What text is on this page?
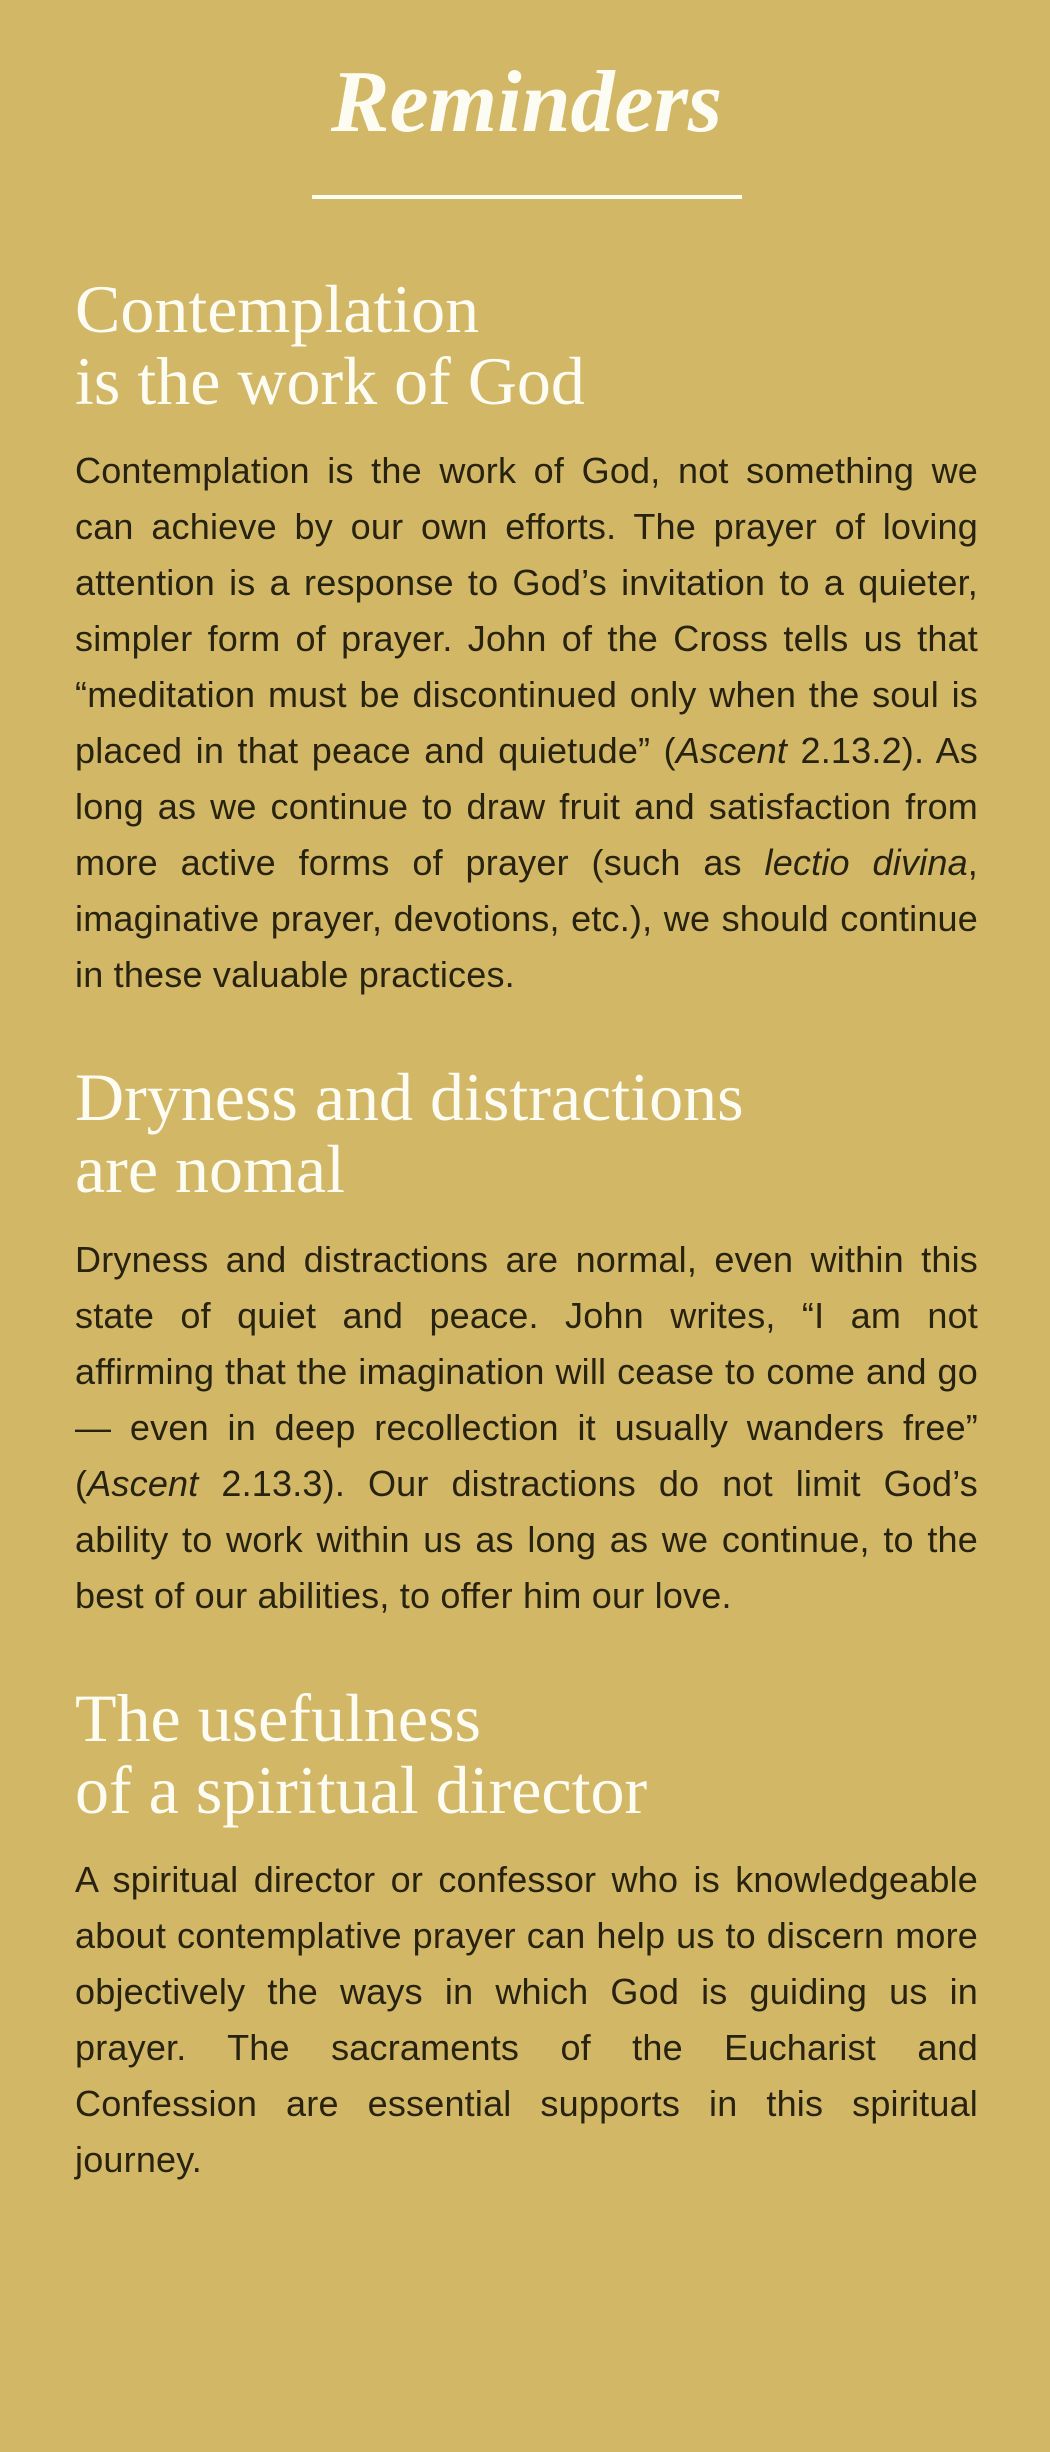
Reminders
Contemplation
is the work of God

Contemplation is the work of God, not something we can achieve by our own efforts. The prayer of loving attention is a response to God’s invitation to a quieter, simpler form of prayer. John of the Cross tells us that “meditation must be discontinued only when the soul is placed in that peace and quietude” (Ascent 2.13.2). As long as we continue to draw fruit and satisfaction from more active forms of prayer (such as lectio divina, imaginative prayer, devotions, etc.), we should continue in these valuable practices.

Dryness and distractions
are nomal

Dryness and distractions are normal, even within this state of quiet and peace. John writes, “I am not affirming that the imagination will cease to come and go — even in deep recollection it usually wanders free” (Ascent 2.13.3). Our distractions do not limit God’s ability to work within us as long as we continue, to the best of our abilities, to offer him our love.

The usefulness
of a spiritual director

A spiritual director or confessor who is knowledgeable about contemplative prayer can help us to discern more objectively the ways in which God is guiding us in prayer. The sacraments of the Eucharist and Confession are essential supports in this spiritual journey.
